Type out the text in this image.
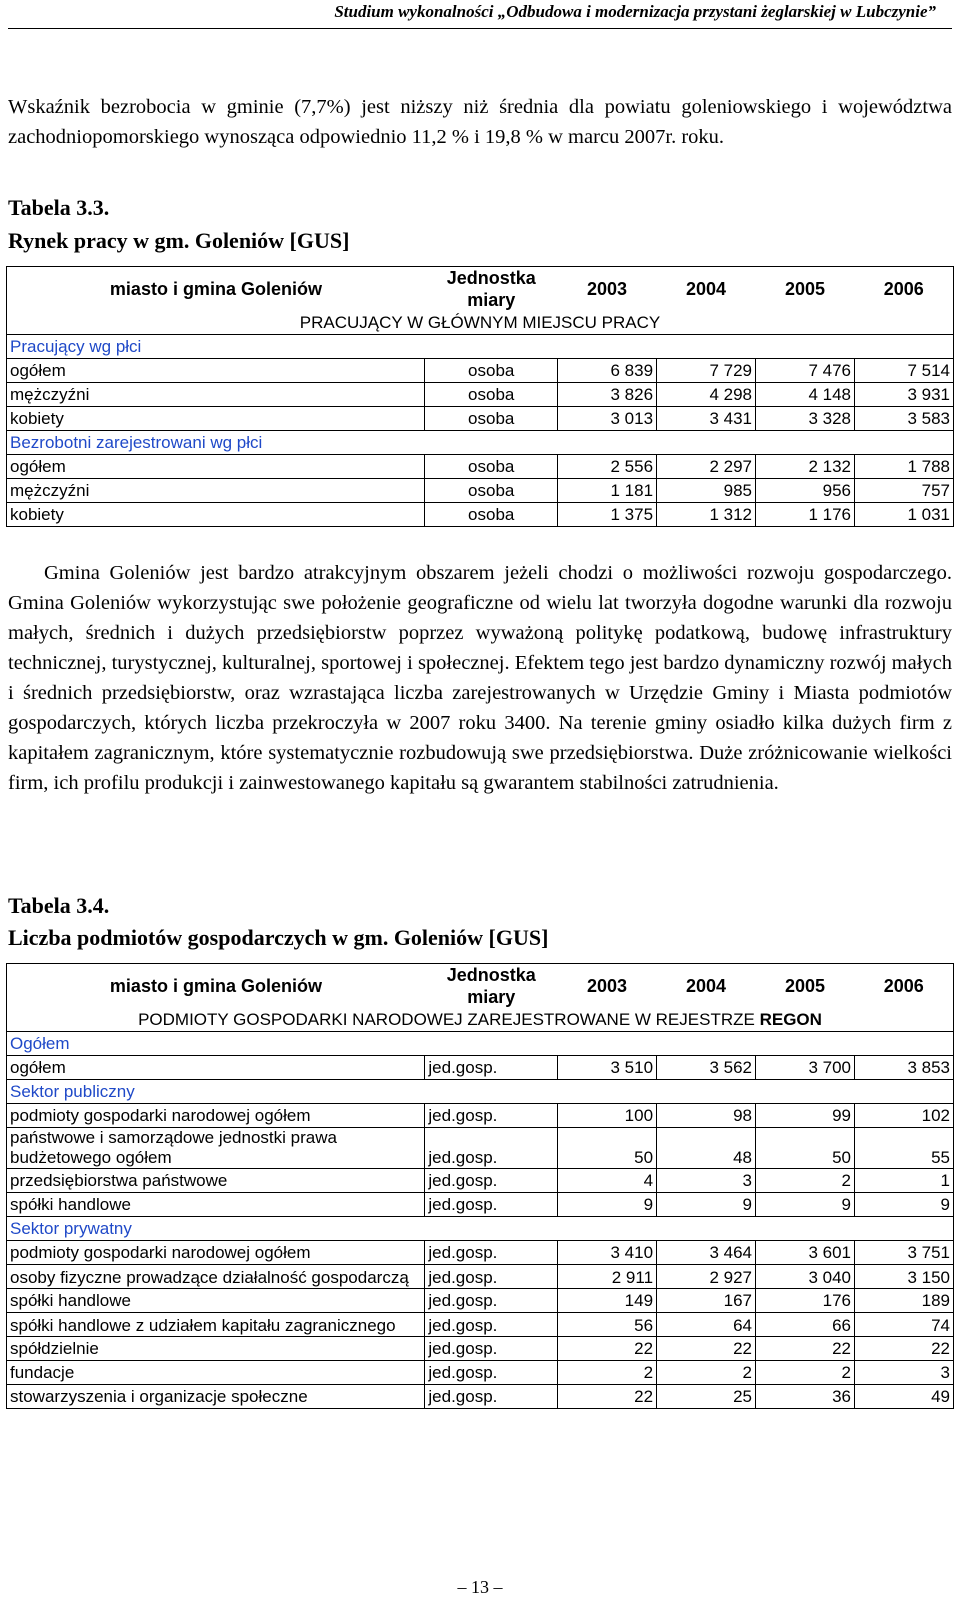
Studium wykonalności „Odbudowa i modernizacja przystani żeglarskiej w Lubczynie”

Wskaźnik bezrobocia w gminie (7,7%) jest niższy niż średnia dla powiatu goleniowskiego i województwa zachodniopomorskiego wynosząca odpowiednio 11,2 % i 19,8 % w marcu 2007r. roku.

Tabela 3.3.
Rynek pracy w gm. Goleniów [GUS]
miasto i gmina Goleniów	Jednostka miary	2003	2004	2005	2006
PRACUJĄCY W GŁÓWNYM MIEJSCU PRACY					
Pracujący wg płci					
ogółem	osoba	6 839	7 729	7 476	7 514
mężczyźni	osoba	3 826	4 298	4 148	3 931
kobiety	osoba	3 013	3 431	3 328	3 583
Bezrobotni zarejestrowani wg płci					
ogółem	osoba	2 556	2 297	2 132	1 788
mężczyźni	osoba	1 181	985	956	757
kobiety	osoba	1 375	1 312	1 176	1 031

Gmina Goleniów jest bardzo atrakcyjnym obszarem jeżeli chodzi o możliwości rozwoju gospodarczego. Gmina Goleniów wykorzystując swe położenie geograficzne od wielu lat tworzyła dogodne warunki dla rozwoju małych, średnich i dużych przedsiębiorstw poprzez wyważoną politykę podatkową, budowę infrastruktury technicznej, turystycznej, kulturalnej, sportowej i społecznej. Efektem tego jest bardzo dynamiczny rozwój małych i średnich przedsiębiorstw, oraz wzrastająca liczba zarejestrowanych w Urzędzie Gminy i Miasta podmiotów gospodarczych, których liczba przekroczyła w 2007 roku 3400. Na terenie gminy osiadło kilka dużych firm z kapitałem zagranicznym, które systematycznie rozbudowują swe przedsiębiorstwa. Duże zróżnicowanie wielkości firm, ich profilu produkcji i zainwestowanego kapitału są gwarantem stabilności zatrudnienia.

Tabela 3.4.
Liczba podmiotów gospodarczych w gm. Goleniów [GUS]
miasto i gmina Goleniów	Jednostka miary	2003	2004	2005	2006
PODMIOTY GOSPODARKI NARODOWEJ ZAREJESTROWANE W REJESTRZE REGON					
Ogółem					
ogółem	jed.gosp.	3 510	3 562	3 700	3 853
Sektor publiczny					
podmioty gospodarki narodowej ogółem	jed.gosp.	100	98	99	102
państwowe i samorządowe jednostki prawa budżetowego ogółem	jed.gosp.	50	48	50	55
przedsiębiorstwa państwowe	jed.gosp.	4	3	2	1
spółki handlowe	jed.gosp.	9	9	9	9
Sektor prywatny					
podmioty gospodarki narodowej ogółem	jed.gosp.	3 410	3 464	3 601	3 751
osoby fizyczne prowadzące działalność gospodarczą	jed.gosp.	2 911	2 927	3 040	3 150
spółki handlowe	jed.gosp.	149	167	176	189
spółki handlowe z udziałem kapitału zagranicznego	jed.gosp.	56	64	66	74
spółdzielnie	jed.gosp.	22	22	22	22
fundacje	jed.gosp.	2	2	2	3
stowarzyszenia i organizacje społeczne	jed.gosp.	22	25	36	49
– 13 –
